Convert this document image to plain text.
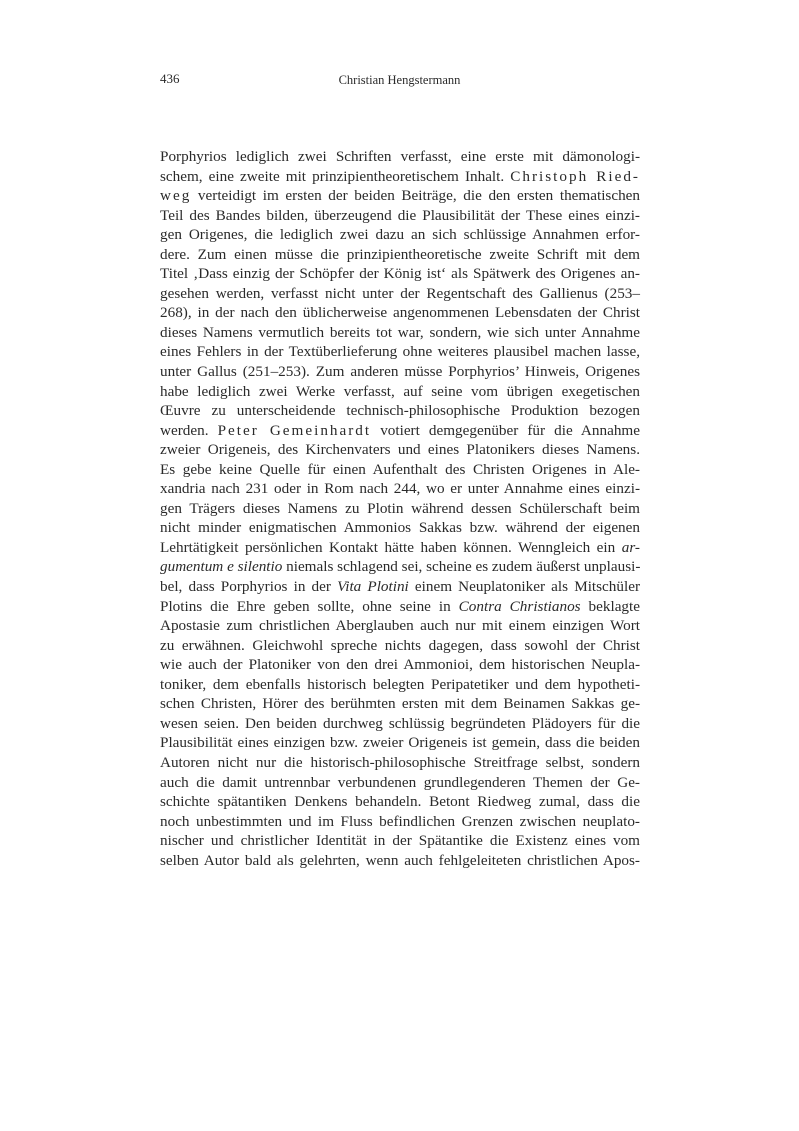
436	Christian Hengstermann
Porphyrios lediglich zwei Schriften verfasst, eine erste mit dämonologi-
schem, eine zweite mit prinzipientheoretischem Inhalt. Christoph Ried-
weg verteidigt im ersten der beiden Beiträge, die den ersten thematischen
Teil des Bandes bilden, überzeugend die Plausibilität der These eines einzi-
gen Origenes, die lediglich zwei dazu an sich schlüssige Annahmen erfor-
dere. Zum einen müsse die prinzipientheoretische zweite Schrift mit dem
Titel ‚Dass einzig der Schöpfer der König ist‘ als Spätwerk des Origenes an-
gesehen werden, verfasst nicht unter der Regentschaft des Gallienus (253–
268), in der nach den üblicherweise angenommenen Lebensdaten der Christ
dieses Namens vermutlich bereits tot war, sondern, wie sich unter Annahme
eines Fehlers in der Textüberlieferung ohne weiteres plausibel machen lasse,
unter Gallus (251–253). Zum anderen müsse Porphyrios’ Hinweis, Origenes
habe lediglich zwei Werke verfasst, auf seine vom übrigen exegetischen
Œuvre zu unterscheidende technisch-philosophische Produktion bezogen
werden. Peter Gemeinhardt votiert demgegenüber für die Annahme
zweier Origeneis, des Kirchenvaters und eines Platonikers dieses Namens.
Es gebe keine Quelle für einen Aufenthalt des Christen Origenes in Ale-
xandria nach 231 oder in Rom nach 244, wo er unter Annahme eines einzi-
gen Trägers dieses Namens zu Plotin während dessen Schülerschaft beim
nicht minder enigmatischen Ammonios Sakkas bzw. während der eigenen
Lehrtätigkeit persönlichen Kontakt hätte haben können. Wenngleich ein ar-
gumentum e silentio niemals schlagend sei, scheine es zudem äußerst unplausi-
bel, dass Porphyrios in der Vita Plotini einem Neuplatoniker als Mitschüler
Plotins die Ehre geben sollte, ohne seine in Contra Christianos beklagte
Apostasie zum christlichen Aberglauben auch nur mit einem einzigen Wort
zu erwähnen. Gleichwohl spreche nichts dagegen, dass sowohl der Christ
wie auch der Platoniker von den drei Ammonioi, dem historischen Neupla-
toniker, dem ebenfalls historisch belegten Peripatetiker und dem hypotheti-
schen Christen, Hörer des berühmten ersten mit dem Beinamen Sakkas ge-
wesen seien. Den beiden durchweg schlüssig begründeten Plädoyers für die
Plausibilität eines einzigen bzw. zweier Origeneis ist gemein, dass die beiden
Autoren nicht nur die historisch-philosophische Streitfrage selbst, sondern
auch die damit untrennbar verbundenen grundlegenderen Themen der Ge-
schichte spätantiken Denkens behandeln. Betont Riedweg zumal, dass die
noch unbestimmten und im Fluss befindlichen Grenzen zwischen neuplato-
nischer und christlicher Identität in der Spätantike die Existenz eines vom
selben Autor bald als gelehrten, wenn auch fehlgeleiteten christlichen Apos-
